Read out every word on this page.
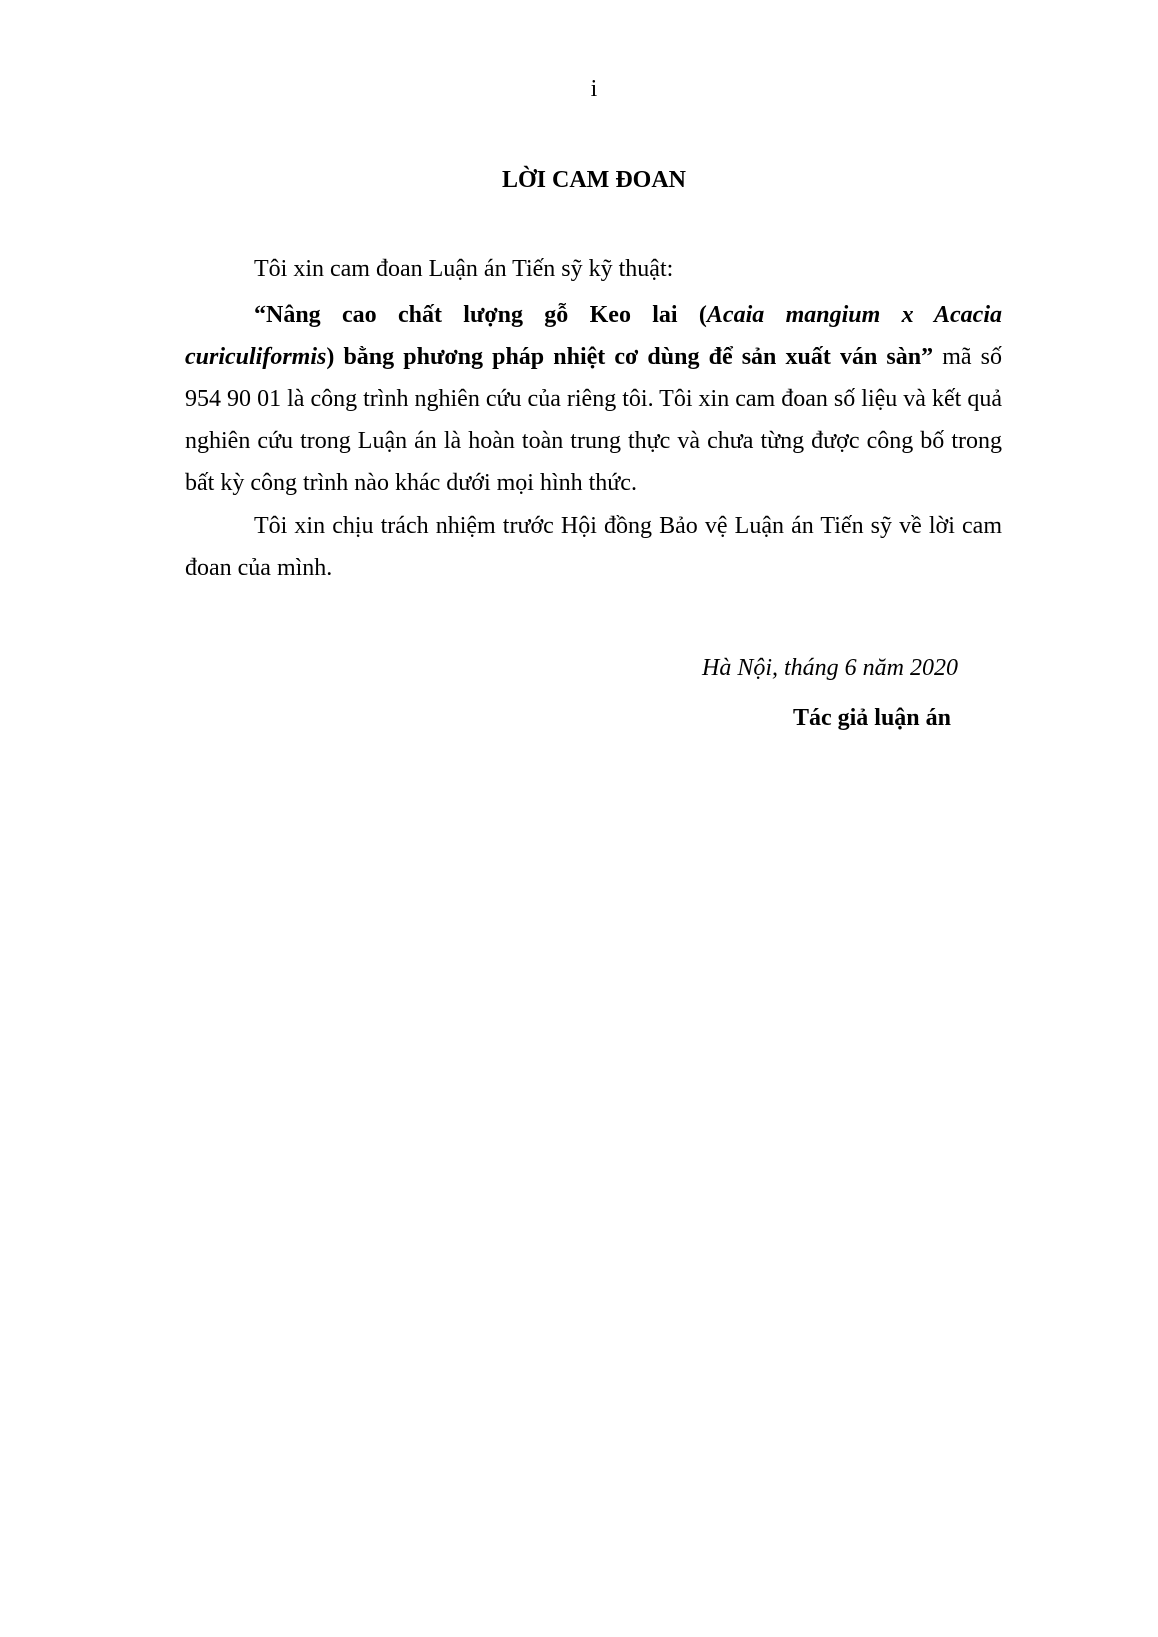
i
LỜI CAM ĐOAN
Tôi xin cam đoan Luận án Tiến sỹ kỹ thuật:
“Nâng cao chất lượng gỗ Keo lai (Acaia mangium x Acacia curiculiformis) bằng phương pháp nhiệt cơ dùng để sản xuất ván sàn” mã số 954 90 01 là công trình nghiên cứu của riêng tôi. Tôi xin cam đoan số liệu và kết quả nghiên cứu trong Luận án là hoàn toàn trung thực và chưa từng được công bố trong bất kỳ công trình nào khác dưới mọi hình thức.
Tôi xin chịu trách nhiệm trước Hội đồng Bảo vệ Luận án Tiến sỹ về lời cam đoan của mình.
Hà Nội, tháng 6 năm 2020
Tác giả luận án
